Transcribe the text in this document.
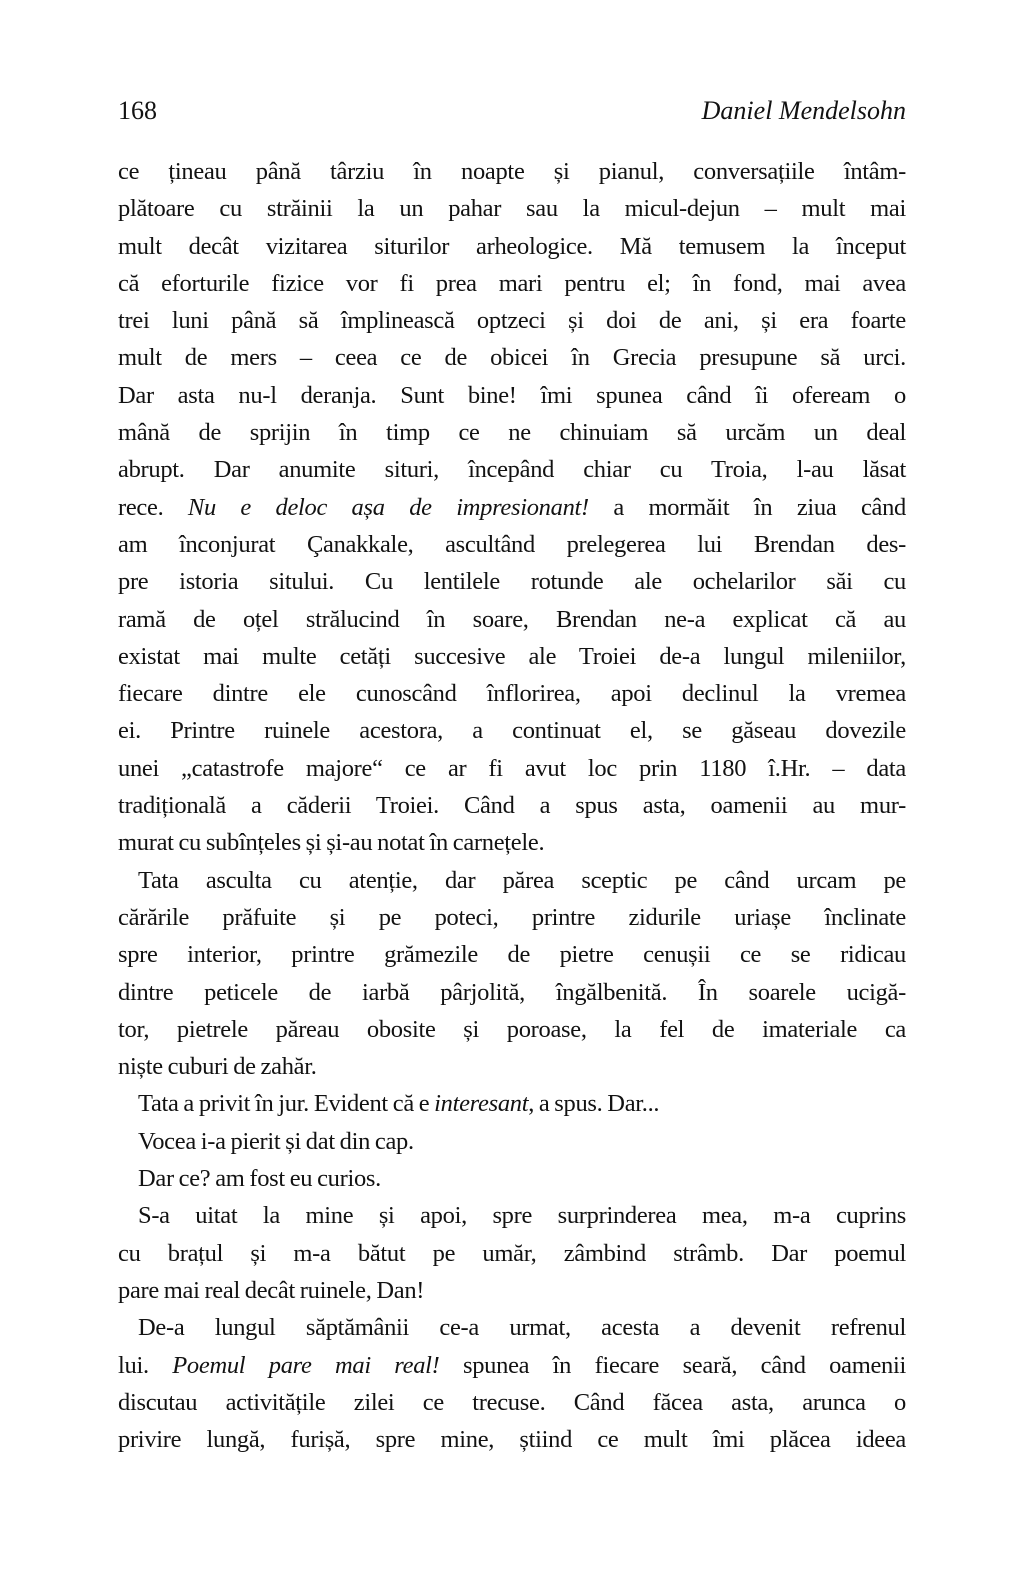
168	Daniel Mendelsohn
ce țineau până târziu în noapte și pianul, conversațiile întâm-
plătoare cu străinii la un pahar sau la micul-dejun – mult mai
mult decât vizitarea siturilor arheologice. Mă temusem la început
că eforturile fizice vor fi prea mari pentru el; în fond, mai avea
trei luni până să împlinească optzeci și doi de ani, și era foarte
mult de mers – ceea ce de obicei în Grecia presupune să urci.
Dar asta nu-l deranja. Sunt bine! îmi spunea când îi ofeream o
mână de sprijin în timp ce ne chinuiam să urcăm un deal
abrupt. Dar anumite situri, începând chiar cu Troia, l-au lăsat
rece. Nu e deloc așa de impresionant! a mormăit în ziua când
am înconjurat Çanakkale, ascultând prelegerea lui Brendan des-
pre istoria sitului. Cu lentilele rotunde ale ochelarilor săi cu
ramă de oțel strălucind în soare, Brendan ne-a explicat că au
existat mai multe cetăți succesive ale Troiei de-a lungul mileniilor,
fiecare dintre ele cunoscând înflorirea, apoi declinul la vremea
ei. Printre ruinele acestora, a continuat el, se găseau dovezile
unei „catastrofe majore“ ce ar fi avut loc prin 1180 î.Hr. – data
tradițională a căderii Troiei. Când a spus asta, oamenii au mur-
murat cu subînțeles și și-au notat în carnețele.
Tata asculta cu atenție, dar părea sceptic pe când urcam pe
cărările prăfuite și pe poteci, printre zidurile uriașe înclinate
spre interior, printre grămezile de pietre cenușii ce se ridicau
dintre peticele de iarbă pârjolită, îngălbenită. În soarele ucigă-
tor, pietrele păreau obosite și poroase, la fel de imateriale ca
niște cuburi de zahăr.
Tata a privit în jur. Evident că e interesant, a spus. Dar...
Vocea i-a pierit și dat din cap.
Dar ce? am fost eu curios.
S-a uitat la mine și apoi, spre surprinderea mea, m-a cuprins
cu brațul și m-a bătut pe umăr, zâmbind strâmb. Dar poemul
pare mai real decât ruinele, Dan!
De-a lungul săptămânii ce-a urmat, acesta a devenit refrenul
lui. Poemul pare mai real! spunea în fiecare seară, când oamenii
discutau activitățile zilei ce trecuse. Când făcea asta, arunca o
privire lungă, furișă, spre mine, știind ce mult îmi plăcea ideea
